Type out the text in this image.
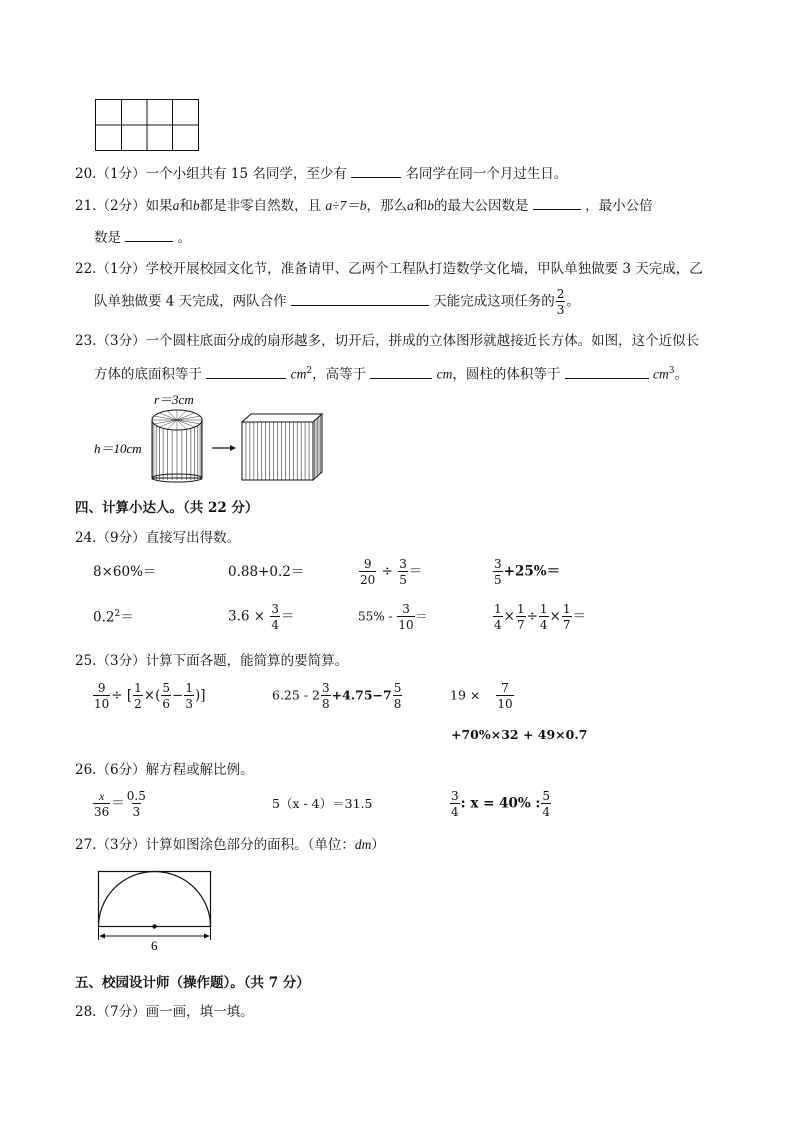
20.（1分）一个小组共有 15 名同学，至少有	名同学在同一个月过生日。
21.（2分）如果a和b都是非零自然数，且 a÷7＝b，那么a和b的最大公因数是	，最小公倍
数是	。
22.（1分）学校开展校园文化节，准备请甲、乙两个工程队打造数学文化墙，甲队单独做要 3 天完成，乙
队单独做要 4 天完成，两队合作	天能完成这项任务的 $\frac{2}{3}$ 。
23.（3分）一个圆柱底面分成的扇形越多，切开后，拼成的立体图形就越接近长方体。如图，这个近似长
方体的底面积等于	$cm^2$，高等于	cm，圆柱的体积等于	$cm^3$。
r＝3cm
h＝10cm
四、计算小达人。（共 22 分）
24.（9分）直接写出得数。
8×60%＝	0.88+0.2＝	$\frac{9}{20} \div \frac{3}{5}$ ＝	$\frac{3}{5} +25\%=$
$0.2^2=$	$3.6 \times \frac{3}{4}$ ＝	$55\% - \frac{3}{10}$ ＝	$\frac{1}{4} \times \frac{1}{7} \div \frac{1}{4} \times \frac{1}{7}$ ＝
25.（3分）计算下面各题，能简算的要简算。
$\frac{9}{10}$ ÷ [ $\frac{1}{2}$ ×( $\frac{5}{6} - \frac{1}{3}$ )]	$6.25 - 2 \frac{3}{8} +4.75-7 \frac{5}{8}$	$19 \times \frac{7}{10}$
+70%×32 + 49×0.7
26.（6分）解方程或解比例。
$\frac{x}{36} = \frac{0.5}{3}$	5（x - 4）＝31.5	$\frac{3}{4}$ : x = 40% : $\frac{5}{4}$
27.（3分）计算如图涂色部分的面积。（单位：dm）
6
五、校园设计师（操作题）。（共 7 分）
28.（7分）画一画，填一填。
